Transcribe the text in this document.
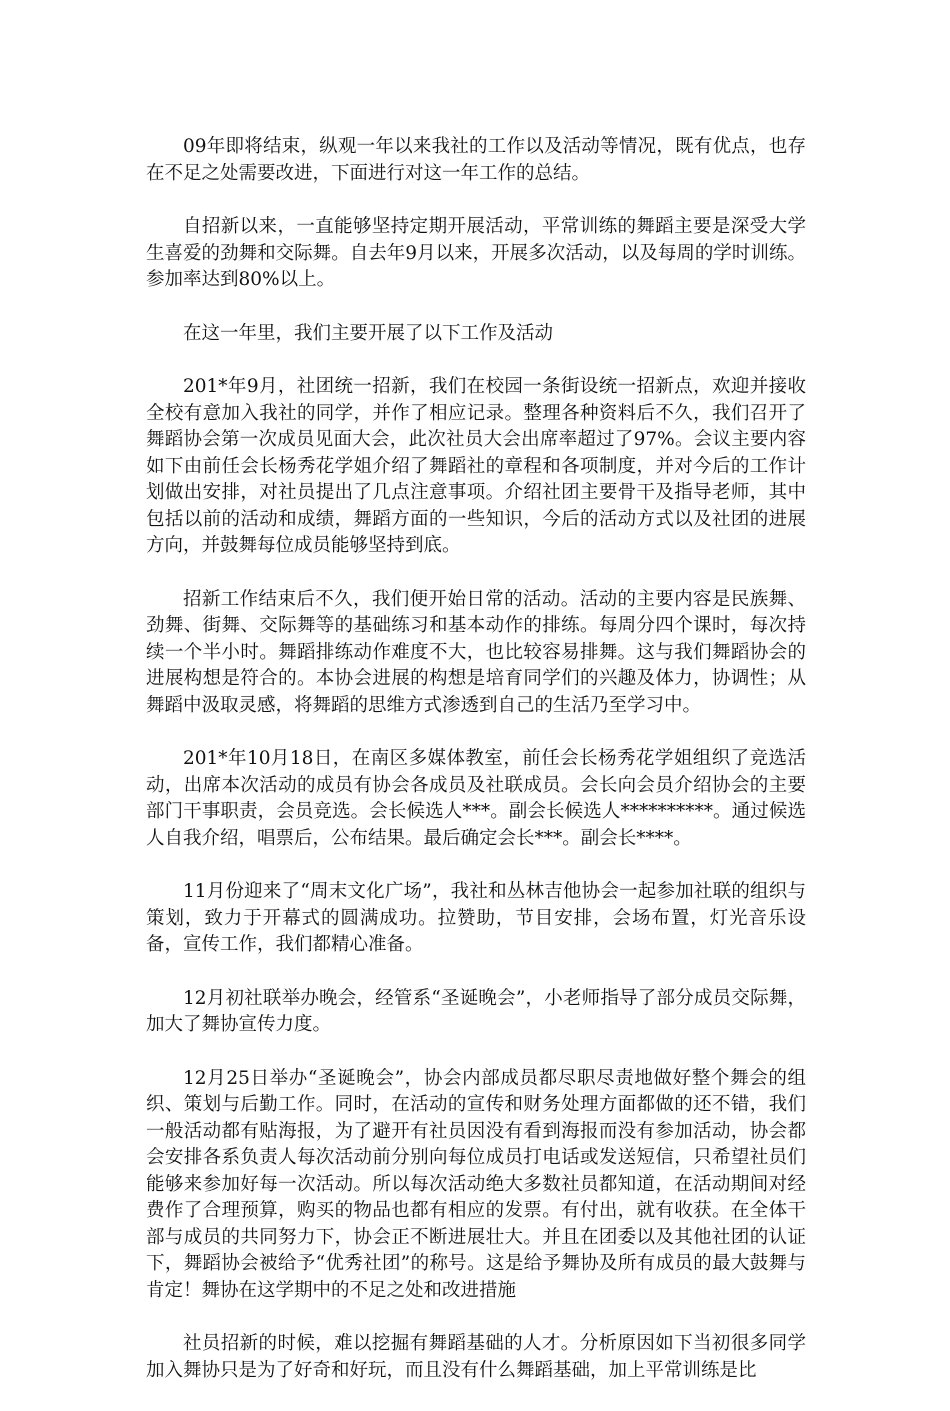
09年即将结束，纵观一年以来我社的工作以及活动等情况，既有优点，也存在不足之处需要改进，下面进行对这一年工作的总结。

自招新以来，一直能够坚持定期开展活动，平常训练的舞蹈主要是深受大学生喜爱的劲舞和交际舞。自去年9月以来，开展多次活动，以及每周的学时训练。参加率达到80%以上。

在这一年里，我们主要开展了以下工作及活动

201*年9月，社团统一招新，我们在校园一条街设统一招新点，欢迎并接收全校有意加入我社的同学，并作了相应记录。整理各种资料后不久，我们召开了舞蹈协会第一次成员见面大会，此次社员大会出席率超过了97%。会议主要内容如下由前任会长杨秀花学姐介绍了舞蹈社的章程和各项制度，并对今后的工作计划做出安排，对社员提出了几点注意事项。介绍社团主要骨干及指导老师，其中包括以前的活动和成绩，舞蹈方面的一些知识，今后的活动方式以及社团的进展方向，并鼓舞每位成员能够坚持到底。

招新工作结束后不久，我们便开始日常的活动。活动的主要内容是民族舞、劲舞、街舞、交际舞等的基础练习和基本动作的排练。每周分四个课时，每次持续一个半小时。舞蹈排练动作难度不大，也比较容易排舞。这与我们舞蹈协会的进展构想是符合的。本协会进展的构想是培育同学们的兴趣及体力，协调性；从舞蹈中汲取灵感，将舞蹈的思维方式渗透到自己的生活乃至学习中。

201*年10月18日，在南区多媒体教室，前任会长杨秀花学姐组织了竞选活动，出席本次活动的成员有协会各成员及社联成员。会长向会员介绍协会的主要部门干事职责，会员竞选。会长候选人***。副会长候选人**********。通过候选人自我介绍，唱票后，公布结果。最后确定会长***。副会长****。

11月份迎来了“周末文化广场”，我社和丛林吉他协会一起参加社联的组织与策划，致力于开幕式的圆满成功。拉赞助，节目安排，会场布置，灯光音乐设备，宣传工作，我们都精心准备。

12月初社联举办晚会，经管系“圣诞晚会”，小老师指导了部分成员交际舞，加大了舞协宣传力度。

12月25日举办“圣诞晚会”，协会内部成员都尽职尽责地做好整个舞会的组织、策划与后勤工作。同时，在活动的宣传和财务处理方面都做的还不错，我们一般活动都有贴海报，为了避开有社员因没有看到海报而没有参加活动，协会都会安排各系负责人每次活动前分别向每位成员打电话或发送短信，只希望社员们能够来参加好每一次活动。所以每次活动绝大多数社员都知道，在活动期间对经费作了合理预算，购买的物品也都有相应的发票。有付出，就有收获。在全体干部与成员的共同努力下，协会正不断进展壮大。并且在团委以及其他社团的认证下，舞蹈协会被给予“优秀社团”的称号。这是给予舞协及所有成员的最大鼓舞与肯定！舞协在这学期中的不足之处和改进措施

社员招新的时候，难以挖掘有舞蹈基础的人才。分析原因如下当初很多同学加入舞协只是为了好奇和好玩，而且没有什么舞蹈基础，加上平常训练是比
